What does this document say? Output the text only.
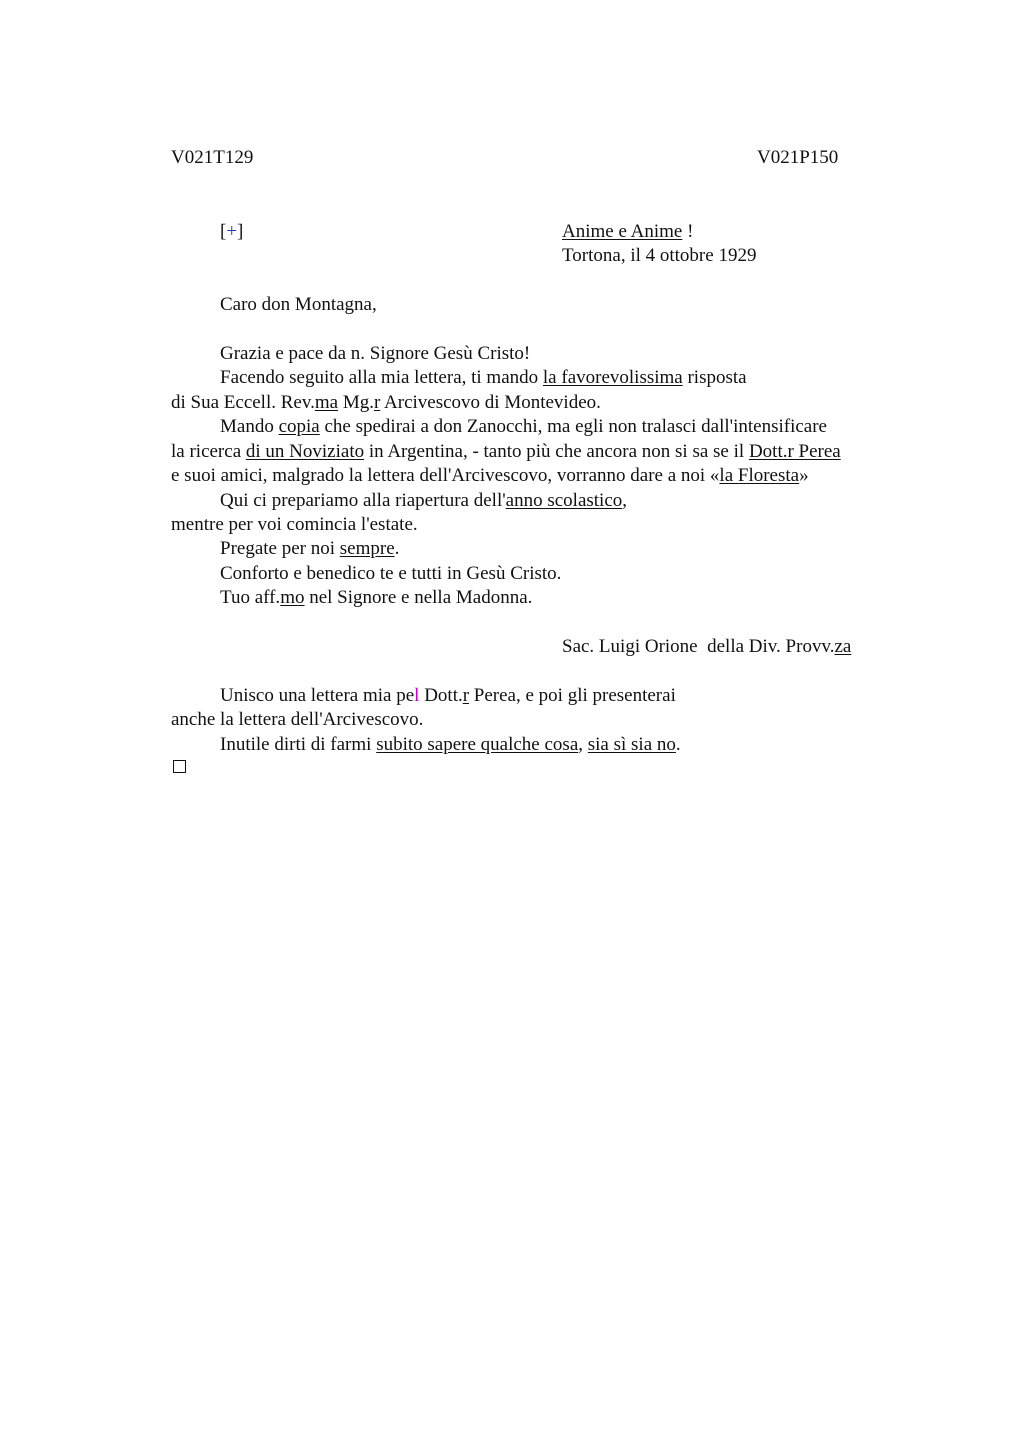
V021T129	V021P150
[+]	Anime e Anime !
Tortona, il 4 ottobre 1929
Caro don Montagna,
Grazia e pace da n. Signore Gesù Cristo!
Facendo seguito alla mia lettera, ti mando la favorevolissima risposta
di Sua Eccell. Rev.ma Mg.r Arcivescovo di Montevideo.
Mando copia che spedirai a don Zanocchi, ma egli non tralasci dall'intensificare
la ricerca di un Noviziato in Argentina, - tanto più che ancora non si sa se il Dott.r Perea
e suoi amici, malgrado la lettera dell'Arcivescovo, vorranno dare a noi «la Floresta»
Qui ci prepariamo alla riapertura dell'anno scolastico,
mentre per voi comincia l'estate.
Pregate per noi sempre.
Conforto e benedico te e tutti in Gesù Cristo.
Tuo aff.mo nel Signore e nella Madonna.
Sac. Luigi Orione  della Div. Provv.za
Unisco una lettera mia pel Dott.r Perea, e poi gli presenterai
anche la lettera dell'Arcivescovo.
Inutile dirti di farmi subito sapere qualche cosa, sia sì sia no.
